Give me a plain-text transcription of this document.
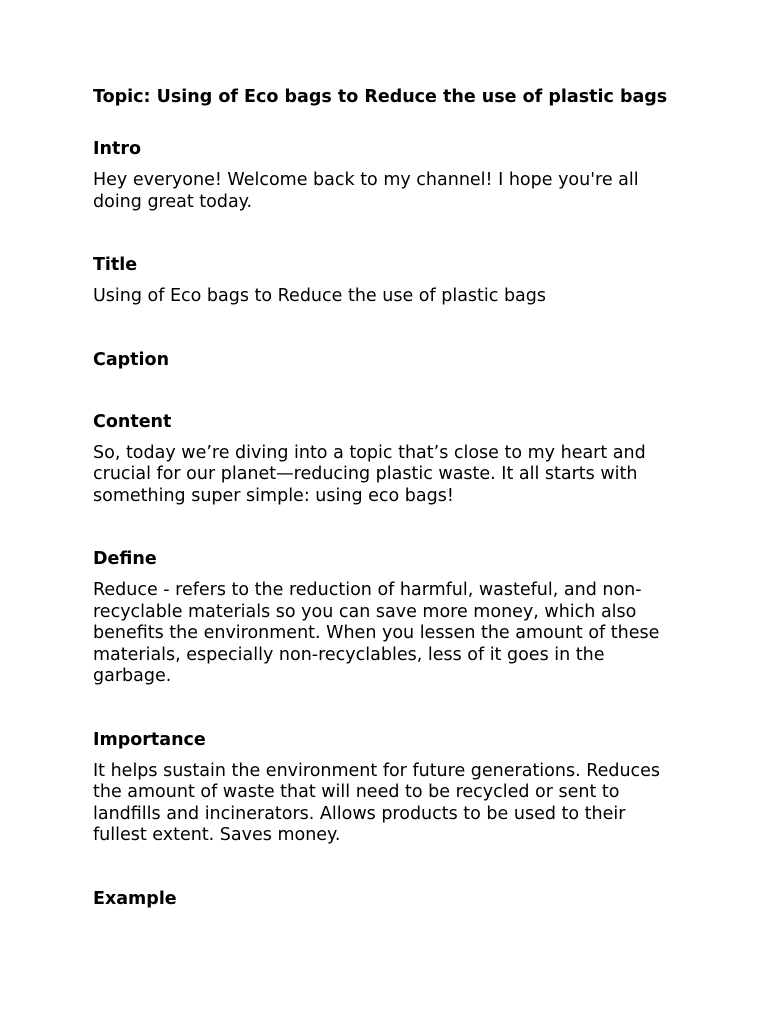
Topic: Using of Eco bags to Reduce the use of plastic bags
Intro

Hey everyone! Welcome back to my channel! I hope you're all doing great today.

Title

Using of Eco bags to Reduce the use of plastic bags

Caption
Content

So, today we’re diving into a topic that’s close to my heart and crucial for our planet—reducing plastic waste. It all starts with something super simple: using eco bags!

Define

Reduce - refers to the reduction of harmful, wasteful, and non-recyclable materials so you can save more money, which also benefits the environment. When you lessen the amount of these materials, especially non-recyclables, less of it goes in the garbage.

Importance

It helps sustain the environment for future generations. Reduces the amount of waste that will need to be recycled or sent to landfills and incinerators. Allows products to be used to their fullest extent. Saves money.

Example
